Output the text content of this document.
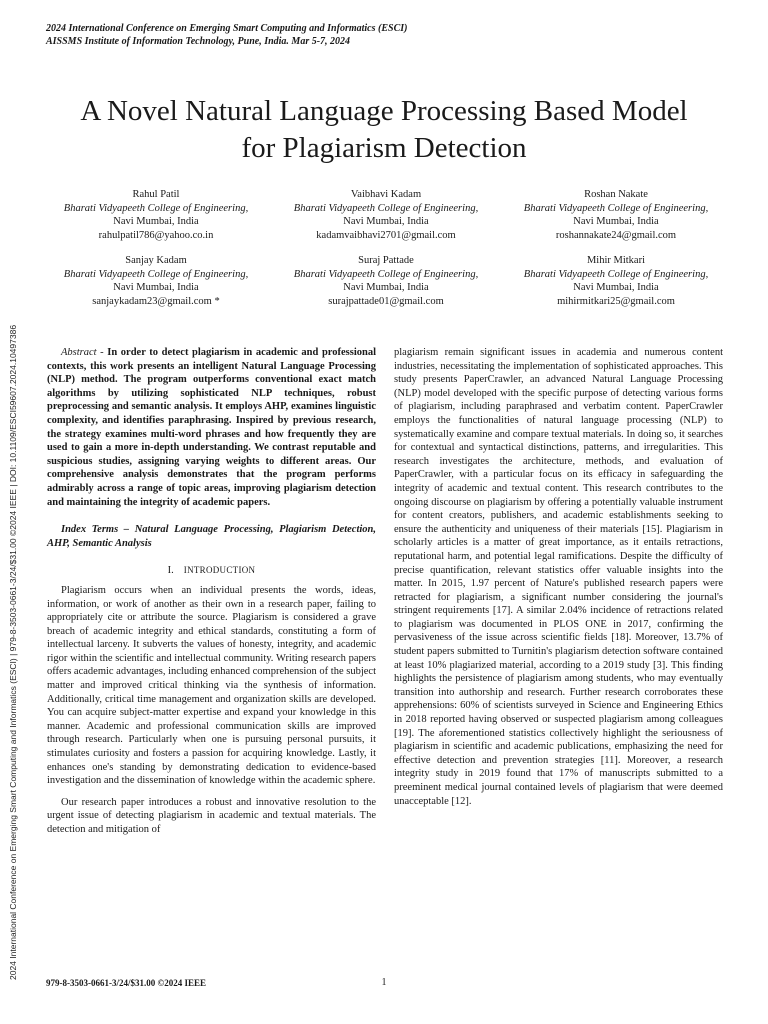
2024 International Conference on Emerging Smart Computing and Informatics (ESCI)
AISSMS Institute of Information Technology, Pune, India. Mar 5-7, 2024
2024 International Conference on Emerging Smart Computing and Informatics (ESCI) | 979-8-3503-0661-3/24/$31.00 ©2024 IEEE | DOI: 10.1109/ESCI59607.2024.10497386
A Novel Natural Language Processing Based Model
for Plagiarism Detection
Rahul Patil
Bharati Vidyapeeth College of Engineering,
Navi Mumbai, India
rahulpatil786@yahoo.co.in
Vaibhavi Kadam
Bharati Vidyapeeth College of Engineering,
Navi Mumbai, India
kadamvaibhavi2701@gmail.com
Roshan Nakate
Bharati Vidyapeeth College of Engineering,
Navi Mumbai, India
roshannakate24@gmail.com
Sanjay Kadam
Bharati Vidyapeeth College of Engineering,
Navi Mumbai, India
sanjaykadam23@gmail.com *
Suraj Pattade
Bharati Vidyapeeth College of Engineering,
Navi Mumbai, India
surajpattade01@gmail.com
Mihir Mitkari
Bharati Vidyapeeth College of Engineering,
Navi Mumbai, India
mihirmitkari25@gmail.com

Abstract - In order to detect plagiarism in academic and professional contexts, this work presents an intelligent Natural Language Processing (NLP) method. The program outperforms conventional exact match algorithms by utilizing sophisticated NLP techniques, robust preprocessing and semantic analysis. It employs AHP, examines linguistic complexity, and identifies paraphrasing. Inspired by previous research, the strategy examines multi-word phrases and how frequently they are used to gain a more in-depth understanding. We contrast reputable and suspicious studies, assigning varying weights to different areas. Our comprehensive analysis demonstrates that the program performs admirably across a range of topic areas, improving plagiarism detection and maintaining the integrity of academic papers.

Index Terms – Natural Language Processing, Plagiarism Detection, AHP, Semantic Analysis

I. INTRODUCTION

Plagiarism occurs when an individual presents the words, ideas, information, or work of another as their own in a research paper, failing to appropriately cite or attribute the source. Plagiarism is considered a grave breach of academic integrity and ethical standards, constituting a form of intellectual larceny. It subverts the values of honesty, integrity, and academic rigor within the scientific and intellectual community. Writing research papers offers academic advantages, including enhanced comprehension of the subject matter and improved critical thinking via the synthesis of information. Additionally, critical time management and organization skills are developed. You can acquire subject-matter expertise and expand your knowledge in this manner. Academic and professional communication skills are improved through research. Particularly when one is pursuing personal pursuits, it stimulates curiosity and fosters a passion for acquiring knowledge. Lastly, it enhances one's standing by demonstrating dedication to evidence-based investigation and the dissemination of knowledge within the academic sphere.

Our research paper introduces a robust and innovative resolution to the urgent issue of detecting plagiarism in academic and textual materials. The detection and mitigation of

plagiarism remain significant issues in academia and numerous content industries, necessitating the implementation of sophisticated approaches. This study presents PaperCrawler, an advanced Natural Language Processing (NLP) model developed with the specific purpose of detecting various forms of plagiarism, including paraphrased and verbatim content. PaperCrawler employs the functionalities of natural language processing (NLP) to systematically examine and compare textual materials. In doing so, it searches for contextual and syntactical distinctions, patterns, and irregularities. This research investigates the architecture, methods, and evaluation of PaperCrawler, with a particular focus on its efficacy in safeguarding the integrity of academic and textual content. This research contributes to the ongoing discourse on plagiarism by offering a potentially valuable instrument for content creators, publishers, and academic establishments seeking to ensure the authenticity and uniqueness of their materials [15]. Plagiarism in scholarly articles is a matter of great importance, as it entails retractions, reputational harm, and potential legal ramifications. Despite the difficulty of precise quantification, relevant statistics offer valuable insights into the matter. In 2015, 1.97 percent of Nature's published research papers were retracted for plagiarism, a significant number considering the journal's stringent requirements [17]. A similar 2.04% incidence of retractions related to plagiarism was documented in PLOS ONE in 2017, confirming the pervasiveness of the issue across scientific fields [18]. Moreover, 13.7% of student papers submitted to Turnitin's plagiarism detection software contained at least 10% plagiarized material, according to a 2019 study [3]. This finding highlights the persistence of plagiarism among students, who may eventually transition into authorship and research. Further research corroborates these apprehensions: 60% of scientists surveyed in Science and Engineering Ethics in 2018 reported having observed or suspected plagiarism among colleagues [19]. The aforementioned statistics collectively highlight the seriousness of plagiarism in scientific and academic publications, emphasizing the need for effective detection and prevention strategies [11]. Moreover, a research integrity study in 2019 found that 17% of manuscripts submitted to a preeminent medical journal contained levels of plagiarism that were deemed unacceptable [12].

979-8-3503-0661-3/24/$31.00 ©2024 IEEE	1
